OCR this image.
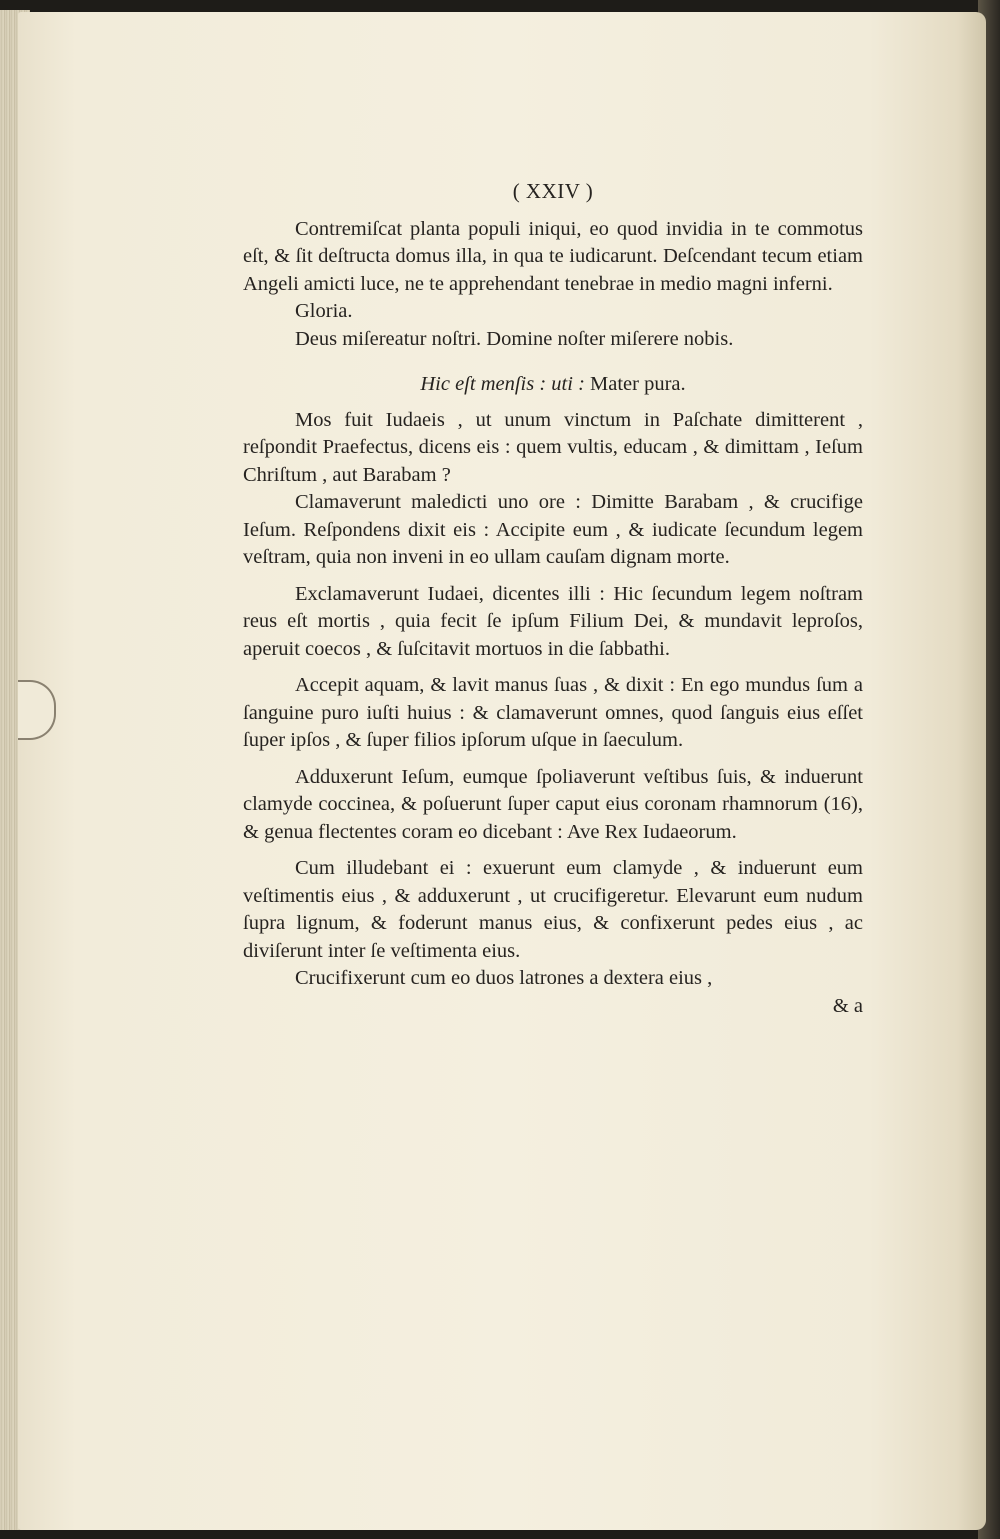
( XXIV )

Contremiſcat planta populi iniqui, eo quod invidia in te commotus eſt, & ſit deſtructa domus illa, in qua te iudicarunt. Deſcendant tecum etiam Angeli amicti luce, ne te apprehendant tenebrae in medio magni inferni.

Gloria.

Deus miſereatur noſtri. Domine noſter miſerere nobis.

Hic eſt menſis : uti : Mater pura.

Mos fuit Iudaeis , ut unum vinctum in Paſchate dimitterent , reſpondit Praefectus, dicens eis : quem vultis, educam , & dimittam , Ieſum Chriſtum , aut Barabam ?

Clamaverunt maledicti uno ore : Dimitte Barabam , & crucifige Ieſum. Reſpondens dixit eis : Accipite eum , & iudicate ſecundum legem veſtram, quia non inveni in eo ullam cauſam dignam morte.

Exclamaverunt Iudaei, dicentes illi : Hic ſecundum legem noſtram reus eſt mortis , quia fecit ſe ipſum Filium Dei, & mundavit leproſos, aperuit coecos , & ſuſcitavit mortuos in die ſabbathi.

Accepit aquam, & lavit manus ſuas , & dixit : En ego mundus ſum a ſanguine puro iuſti huius : & clamaverunt omnes, quod ſanguis eius eſſet ſuper ipſos , & ſuper filios ipſorum uſque in ſaeculum.

Adduxerunt Ieſum, eumque ſpoliaverunt veſtibus ſuis, & induerunt clamyde coccinea, & poſuerunt ſuper caput eius coronam rhamnorum (16), & genua flectentes coram eo dicebant : Ave Rex Iudaeorum.

Cum illudebant ei : exuerunt eum clamyde , & induerunt eum veſtimentis eius , & adduxerunt , ut crucifigeretur. Elevarunt eum nudum ſupra lignum, & foderunt manus eius, & confixerunt pedes eius , ac diviſerunt inter ſe veſtimenta eius.

Crucifixerunt cum eo duos latrones a dextera eius ,

& a
